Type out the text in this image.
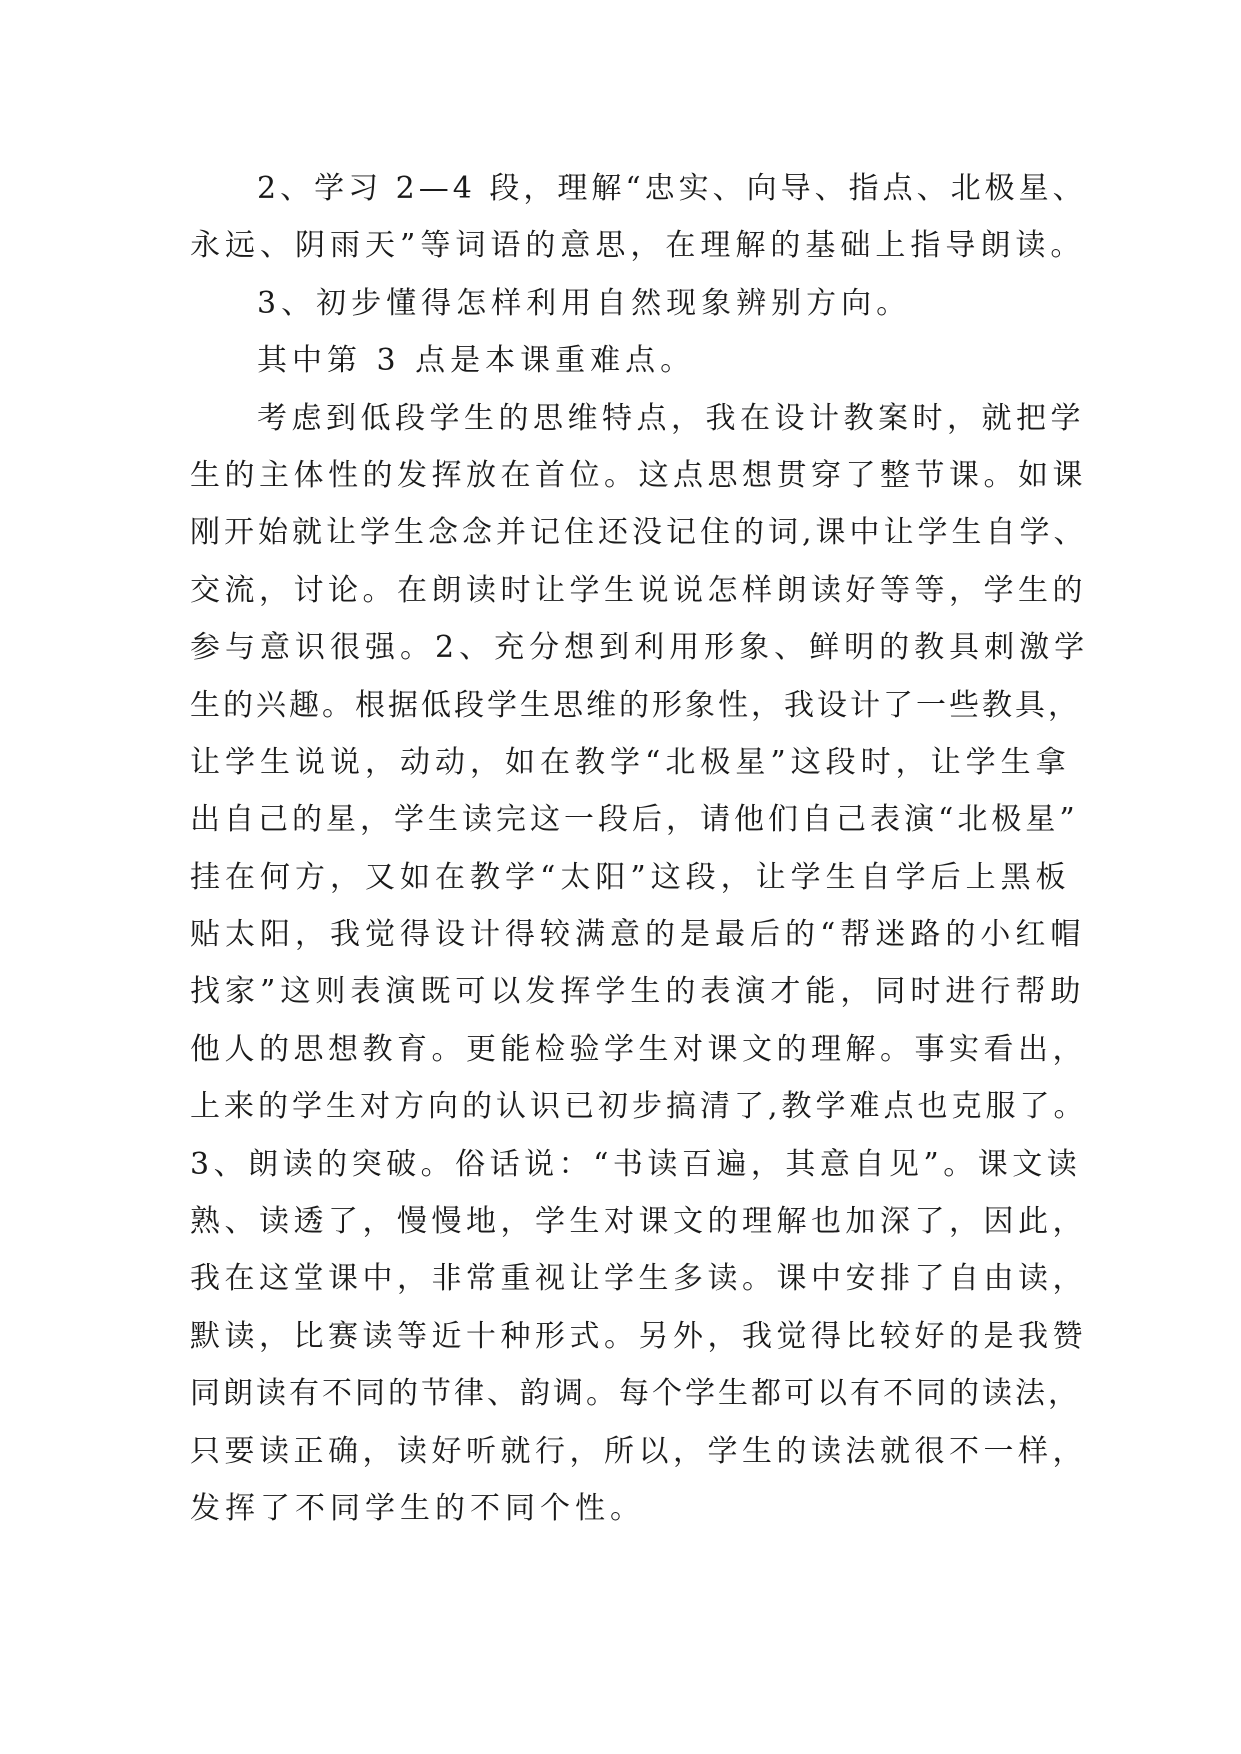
2、学习 2—4 段，理解“忠实、向导、指点、北极星、
永远、阴雨天”等词语的意思，在理解的基础上指导朗读。
3、初步懂得怎样利用自然现象辨别方向。
其中第 3 点是本课重难点。
考虑到低段学生的思维特点，我在设计教案时，就把学
生的主体性的发挥放在首位。这点思想贯穿了整节课。如课
刚开始就让学生念念并记住还没记住的词,课中让学生自学、
交流，讨论。在朗读时让学生说说怎样朗读好等等，学生的
参与意识很强。2、充分想到利用形象、鲜明的教具刺激学
生的兴趣。根据低段学生思维的形象性，我设计了一些教具，
让学生说说，动动，如在教学“北极星”这段时，让学生拿
出自己的星，学生读完这一段后，请他们自己表演“北极星”
挂在何方，又如在教学“太阳”这段，让学生自学后上黑板
贴太阳，我觉得设计得较满意的是最后的“帮迷路的小红帽
找家”这则表演既可以发挥学生的表演才能，同时进行帮助
他人的思想教育。更能检验学生对课文的理解。事实看出，
上来的学生对方向的认识已初步搞清了,教学难点也克服了。
3、朗读的突破。俗话说：“书读百遍，其意自见”。课文读
熟、读透了，慢慢地，学生对课文的理解也加深了，因此，
我在这堂课中，非常重视让学生多读。课中安排了自由读，
默读，比赛读等近十种形式。另外，我觉得比较好的是我赞
同朗读有不同的节律、韵调。每个学生都可以有不同的读法，
只要读正确，读好听就行，所以，学生的读法就很不一样，
发挥了不同学生的不同个性。
